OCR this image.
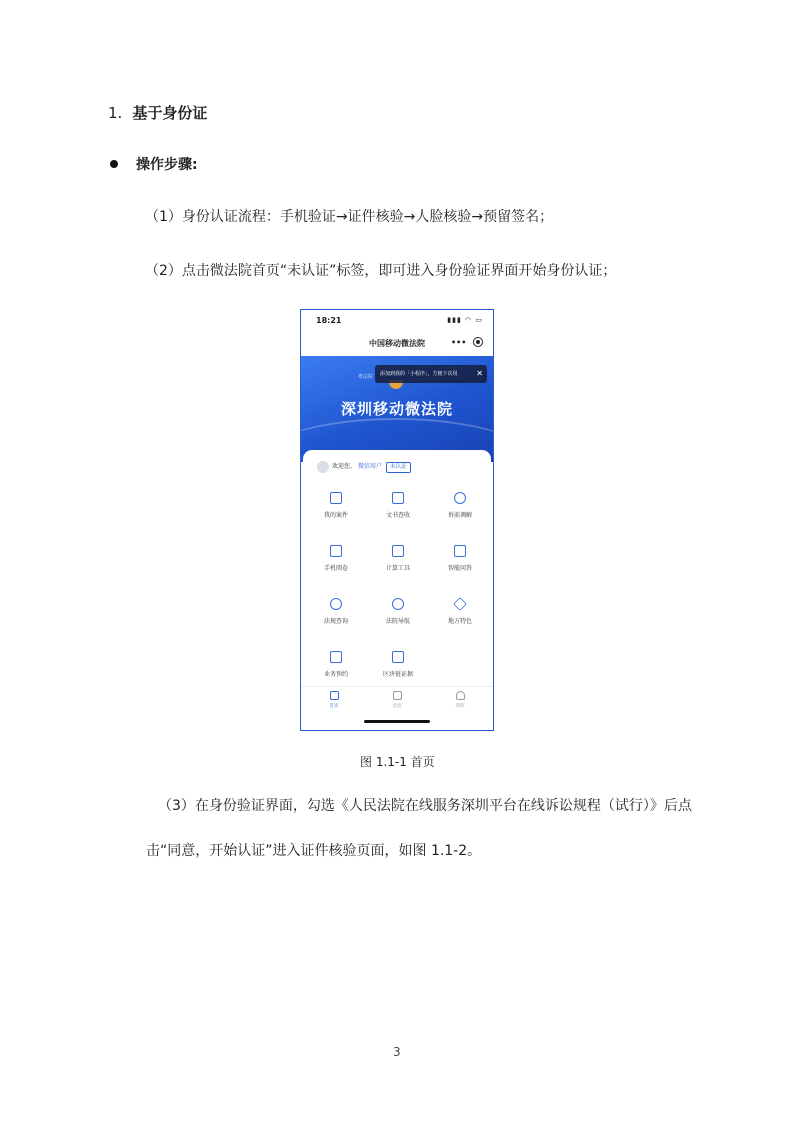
1. 基于身份证
操作步骤:
（1）身份认证流程：手机验证→证件核验→人脸核验→预留签名；
（2）点击微法院首页“未认证”标签，即可进入身份验证界面开始身份认证；
18:21	▮▮▮ ◠ ▭
中国移动微法院	•••
粤法院
深圳移动微法院
添加到我的「小程序」，方便下次用 ✕
欢迎您， 微信用户 未认证
我的案件	文书查收	诉前调解
手机阅卷	计算工具	智能问答
法规查询	法院导航	地方特色
业务预约	区块链证据
首页	消息	我的
图 1.1-1 首页
（3）在身份验证界面，勾选《人民法院在线服务深圳平台在线诉讼规程（试行）》后点
击“同意，开始认证”进入证件核验页面，如图 1.1-2。
3
